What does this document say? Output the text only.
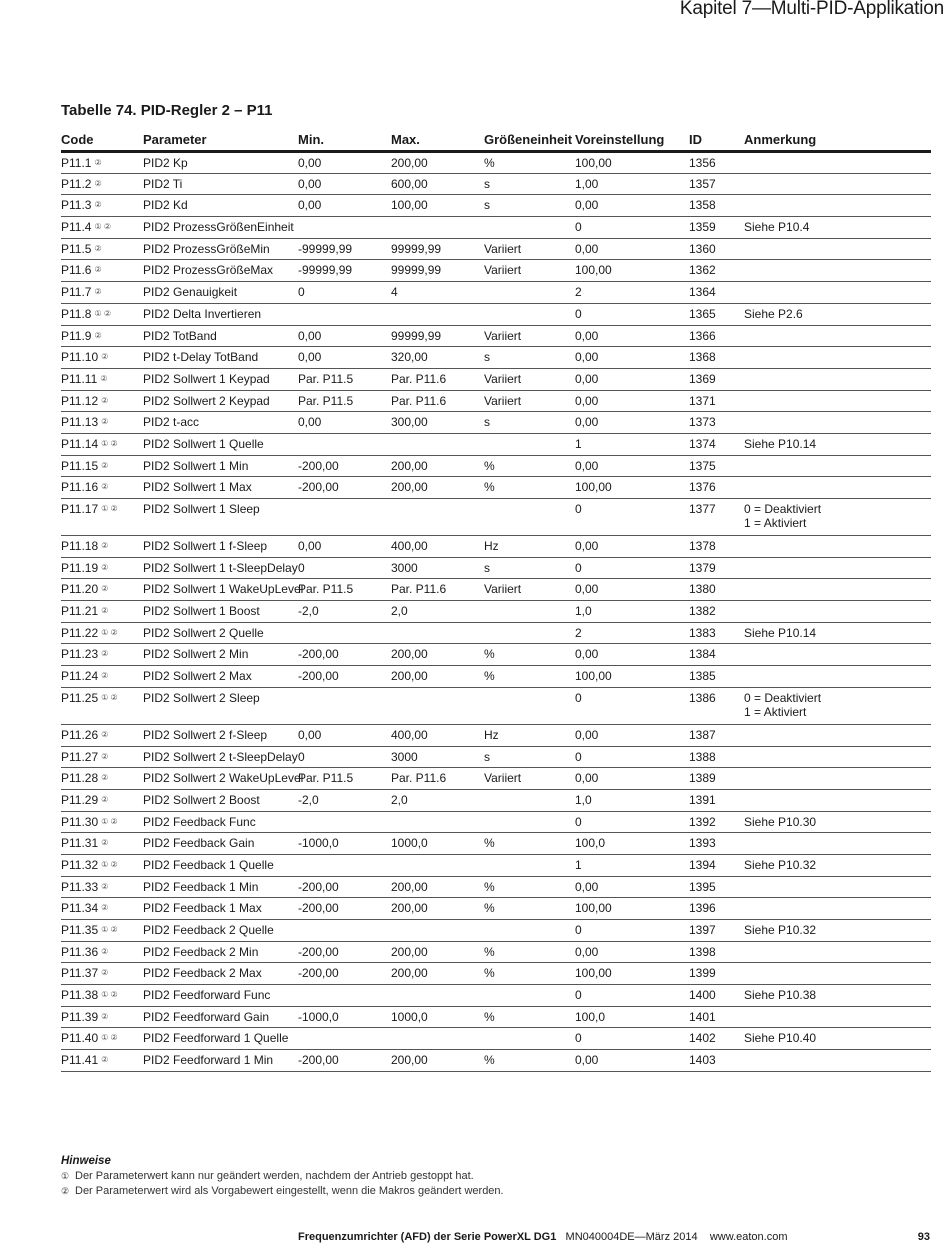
Kapitel 7—Multi-PID-Applikation
Tabelle 74. PID-Regler 2 – P11
Code	Parameter	Min.	Max.	Größeneinheit	Voreinstellung	ID	Anmerkung
P11.1 ②	PID2 Kp	0,00	200,00	%	100,00	1356	
P11.2 ②	PID2 Ti	0,00	600,00	s	1,00	1357	
P11.3 ②	PID2 Kd	0,00	100,00	s	0,00	1358	
P11.4 ① ②	PID2 ProzessGrößenEinheit				0	1359	Siehe P10.4

P11.5 ②	PID2 ProzessGrößeMin	-99999,99	99999,99	Variiert	0,00	1360	
P11.6 ②	PID2 ProzessGrößeMax	-99999,99	99999,99	Variiert	100,00	1362	
P11.7 ②	PID2 Genauigkeit	0	4		2	1364	
P11.8 ① ②	PID2 Delta Invertieren				0	1365	Siehe P2.6

P11.9 ②	PID2 TotBand	0,00	99999,99	Variiert	0,00	1366	
P11.10 ②	PID2 t-Delay TotBand	0,00	320,00	s	0,00	1368	
P11.11 ②	PID2 Sollwert 1 Keypad	Par. P11.5	Par. P11.6	Variiert	0,00	1369	
P11.12 ②	PID2 Sollwert 2 Keypad	Par. P11.5	Par. P11.6	Variiert	0,00	1371	
P11.13 ②	PID2 t-acc	0,00	300,00	s	0,00	1373	
P11.14 ① ②	PID2 Sollwert 1 Quelle				1	1374	Siehe P10.14

P11.15 ②	PID2 Sollwert 1 Min	-200,00	200,00	%	0,00	1375	
P11.16 ②	PID2 Sollwert 1 Max	-200,00	200,00	%	100,00	1376	
P11.17 ① ②	PID2 Sollwert 1 Sleep				0	1377	0 = Deaktiviert
1 = Aktiviert

P11.18 ②	PID2 Sollwert 1 f-Sleep	0,00	400,00	Hz	0,00	1378	
P11.19 ②	PID2 Sollwert 1 t-SleepDelay	0	3000	s	0	1379	
P11.20 ②	PID2 Sollwert 1 WakeUpLevel	Par. P11.5	Par. P11.6	Variiert	0,00	1380	
P11.21 ②	PID2 Sollwert 1 Boost	-2,0	2,0		1,0	1382	
P11.22 ① ②	PID2 Sollwert 2 Quelle				2	1383	Siehe P10.14

P11.23 ②	PID2 Sollwert 2 Min	-200,00	200,00	%	0,00	1384	
P11.24 ②	PID2 Sollwert 2 Max	-200,00	200,00	%	100,00	1385	
P11.25 ① ②	PID2 Sollwert 2 Sleep				0	1386	0 = Deaktiviert
1 = Aktiviert

P11.26 ②	PID2 Sollwert 2 f-Sleep	0,00	400,00	Hz	0,00	1387	
P11.27 ②	PID2 Sollwert 2 t-SleepDelay	0	3000	s	0	1388	
P11.28 ②	PID2 Sollwert 2 WakeUpLevel	Par. P11.5	Par. P11.6	Variiert	0,00	1389	
P11.29 ②	PID2 Sollwert 2 Boost	-2,0	2,0		1,0	1391	
P11.30 ① ②	PID2 Feedback Func				0	1392	Siehe P10.30

P11.31 ②	PID2 Feedback Gain	-1000,0	1000,0	%	100,0	1393	
P11.32 ① ②	PID2 Feedback 1 Quelle				1	1394	Siehe P10.32

P11.33 ②	PID2 Feedback 1 Min	-200,00	200,00	%	0,00	1395	
P11.34 ②	PID2 Feedback 1 Max	-200,00	200,00	%	100,00	1396	
P11.35 ① ②	PID2 Feedback 2 Quelle				0	1397	Siehe P10.32

P11.36 ②	PID2 Feedback 2 Min	-200,00	200,00	%	0,00	1398	
P11.37 ②	PID2 Feedback 2 Max	-200,00	200,00	%	100,00	1399	
P11.38 ① ②	PID2 Feedforward Func				0	1400	Siehe P10.38

P11.39 ②	PID2 Feedforward Gain	-1000,0	1000,0	%	100,0	1401	
P11.40 ① ②	PID2 Feedforward 1 Quelle				0	1402	Siehe P10.40

P11.41 ②	PID2 Feedforward 1 Min	-200,00	200,00	%	0,00	1403	
Hinweise
① Der Parameterwert kann nur geändert werden, nachdem der Antrieb gestoppt hat.
② Der Parameterwert wird als Vorgabewert eingestellt, wenn die Makros geändert werden.
Frequenzumrichter (AFD) der Serie PowerXL DG1 MN040004DE—März 2014 www.eaton.com	93
